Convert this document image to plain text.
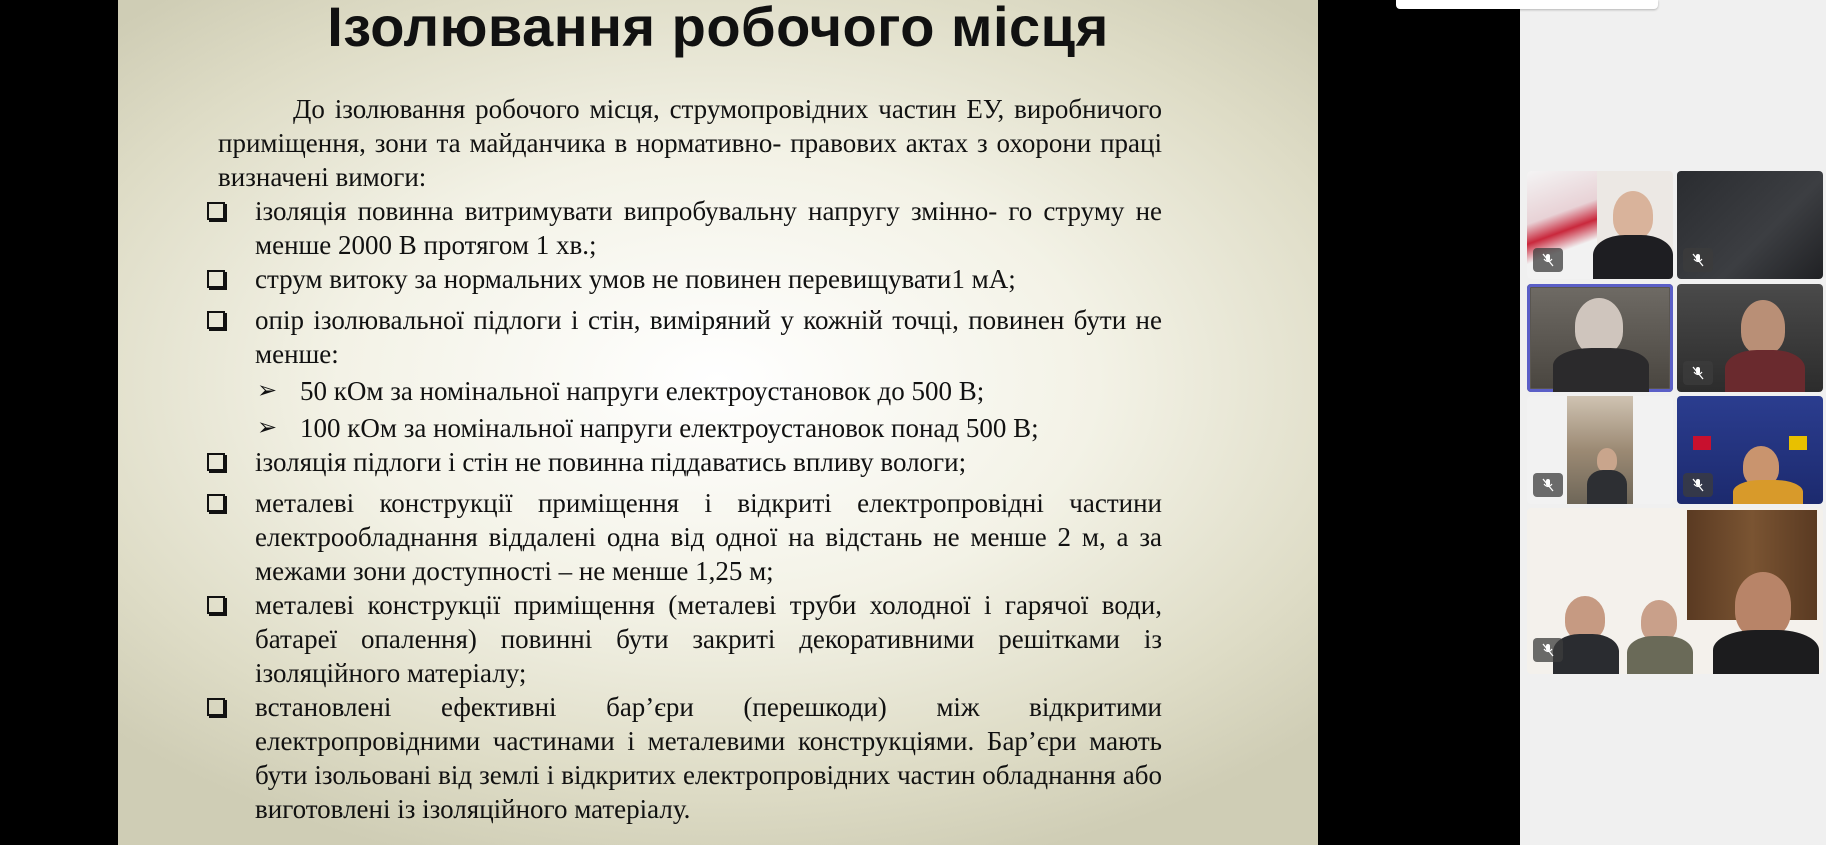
Ізолювання робочого місця
До ізолювання робочого місця, струмопровідних частин ЕУ, виробничого приміщення, зони та майданчика в нормативно- правових актах з охорони праці визначені вимоги:
ізоляція повинна витримувати випробувальну напругу змінно- го струму не менше 2000 В протягом 1 хв.;
струм витоку за нормальних умов не повинен перевищувати1 мА;
опір ізолювальної підлоги і стін, виміряний у кожній точці, повинен бути не менше:
➢ 50 кОм за номінальної напруги електроустановок до 500 В;
➢ 100 кОм за номінальної напруги електроустановок понад 500 В;
ізоляція підлоги і стін не повинна піддаватись впливу вологи;
металеві конструкції приміщення і відкриті електропровідні частини електрообладнання віддалені одна від одної на відстань не менше 2 м, а за межами зони доступності – не менше 1,25 м;
металеві конструкції приміщення (металеві труби холодної і гарячої води, батареї опалення) повинні бути закриті декоративними решітками із ізоляційного матеріалу;
встановлені ефективні бар’єри (перешкоди) між відкритими електропровідними частинами і металевими конструкціями. Бар’єри мають бути ізольовані від землі і відкритих електропровідних частин обладнання або виготовлені із ізоляційного матеріалу.
